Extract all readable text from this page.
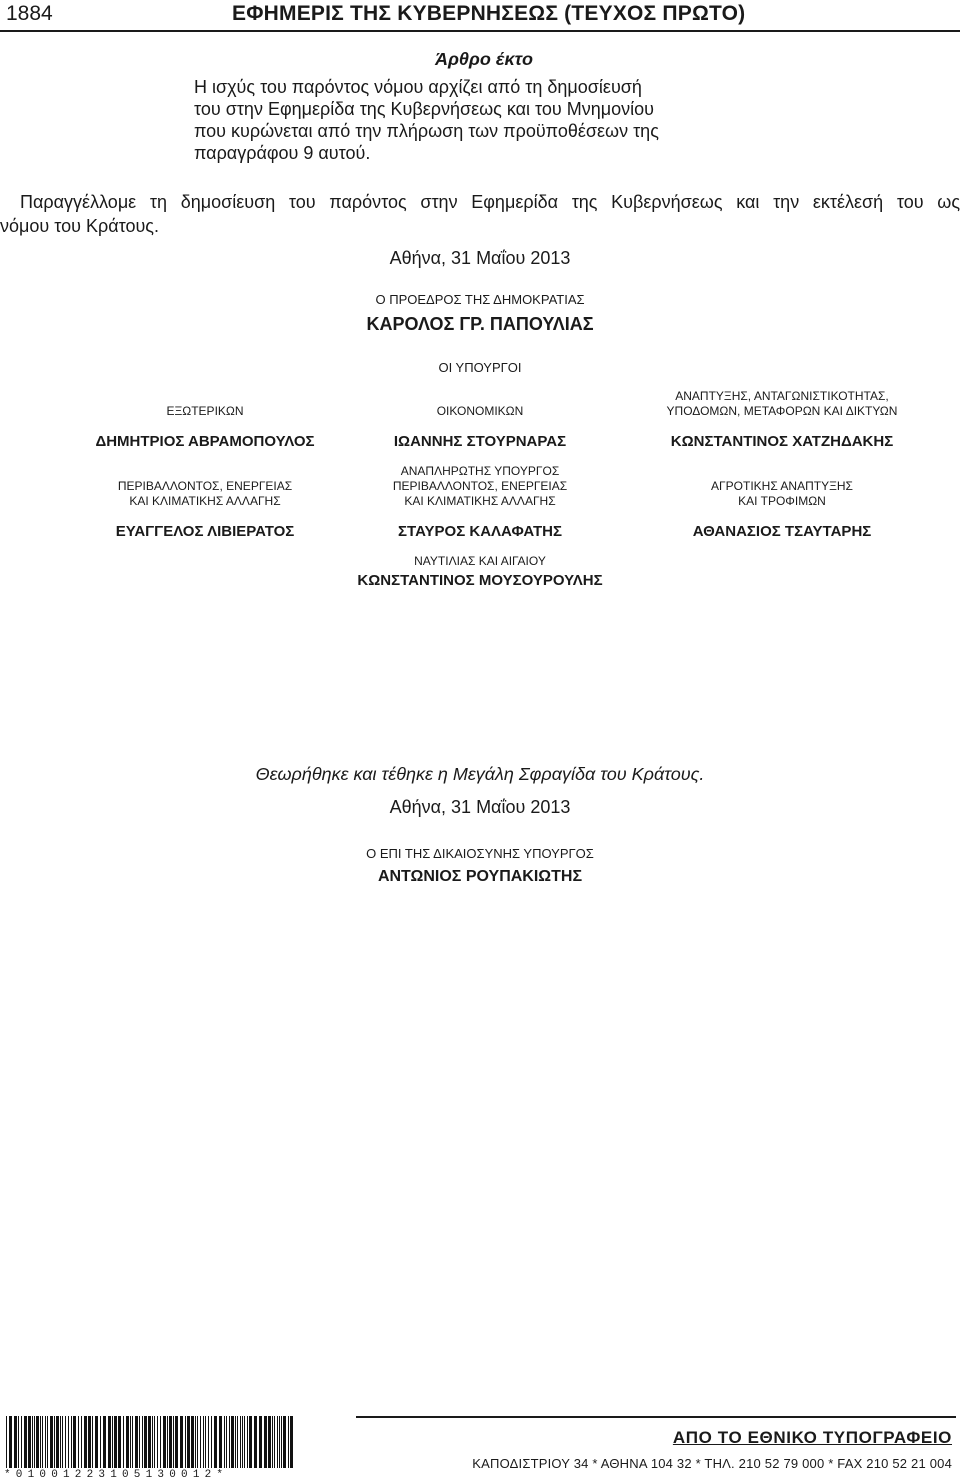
1884	ΕΦΗΜΕΡΙΣ ΤΗΣ ΚΥΒΕΡΝΗΣΕΩΣ (ΤΕΥΧΟΣ ΠΡΩΤΟ)
Άρθρο έκτο
Η ισχύς του παρόντος νόμου αρχίζει από τη δημοσίευσή
του στην Εφημερίδα της Κυβερνήσεως και του Μνημονίου
που κυρώνεται από την πλήρωση των προϋποθέσεων της
παραγράφου 9 αυτού.
Παραγγέλλομε τη δημοσίευση του παρόντος στην Εφημερίδα της Κυβερνήσεως και την εκτέλεσή του ως
νόμου του Κράτους.
Αθήνα, 31 Μαΐου 2013
Ο ΠΡΟΕΔΡΟΣ ΤΗΣ ΔΗΜΟΚΡΑΤΙΑΣ
ΚΑΡΟΛΟΣ ΓΡ. ΠΑΠΟΥΛΙΑΣ
ΟΙ ΥΠΟΥΡΓΟΙ
ΕΞΩΤΕΡΙΚΩΝ
ΔΗΜΗΤΡΙΟΣ ΑΒΡΑΜΟΠΟΥΛΟΣ
ΟΙΚΟΝΟΜΙΚΩΝ
ΙΩΑΝΝΗΣ ΣΤΟΥΡΝΑΡΑΣ
ΑΝΑΠΤΥΞΗΣ, ΑΝΤΑΓΩΝΙΣΤΙΚΟΤΗΤΑΣ,
ΥΠΟΔΟΜΩΝ, ΜΕΤΑΦΟΡΩΝ ΚΑΙ ΔΙΚΤΥΩΝ
ΚΩΝΣΤΑΝΤΙΝΟΣ ΧΑΤΖΗΔΑΚΗΣ
ΠΕΡΙΒΑΛΛΟΝΤΟΣ, ΕΝΕΡΓΕΙΑΣ
ΚΑΙ ΚΛΙΜΑΤΙΚΗΣ ΑΛΛΑΓΗΣ
ΕΥΑΓΓΕΛΟΣ ΛΙΒΙΕΡΑΤΟΣ
ΑΝΑΠΛΗΡΩΤΗΣ ΥΠΟΥΡΓΟΣ
ΠΕΡΙΒΑΛΛΟΝΤΟΣ, ΕΝΕΡΓΕΙΑΣ
ΚΑΙ ΚΛΙΜΑΤΙΚΗΣ ΑΛΛΑΓΗΣ
ΣΤΑΥΡΟΣ ΚΑΛΑΦΑΤΗΣ
ΑΓΡΟΤΙΚΗΣ ΑΝΑΠΤΥΞΗΣ
ΚΑΙ ΤΡΟΦΙΜΩΝ
ΑΘΑΝΑΣΙΟΣ ΤΣΑΥΤΑΡΗΣ
ΝΑΥΤΙΛΙΑΣ ΚΑΙ ΑΙΓΑΙΟΥ
ΚΩΝΣΤΑΝΤΙΝΟΣ ΜΟΥΣΟΥΡΟΥΛΗΣ
Θεωρήθηκε και τέθηκε η Μεγάλη Σφραγίδα του Κράτους.
Αθήνα, 31 Μαΐου 2013
Ο ΕΠΙ ΤΗΣ ΔΙΚΑΙΟΣΥΝΗΣ ΥΠΟΥΡΓΟΣ
ΑΝΤΩΝΙΟΣ ΡΟΥΠΑΚΙΩΤΗΣ
*01001223105130012*
ΑΠΟ ΤΟ ΕΘΝΙΚΟ ΤΥΠΟΓΡΑΦΕΙΟ
ΚΑΠΟΔΙΣΤΡΙΟΥ 34 * ΑΘΗΝΑ 104 32 * ΤΗΛ. 210 52 79 000 * FAX 210 52 21 004
